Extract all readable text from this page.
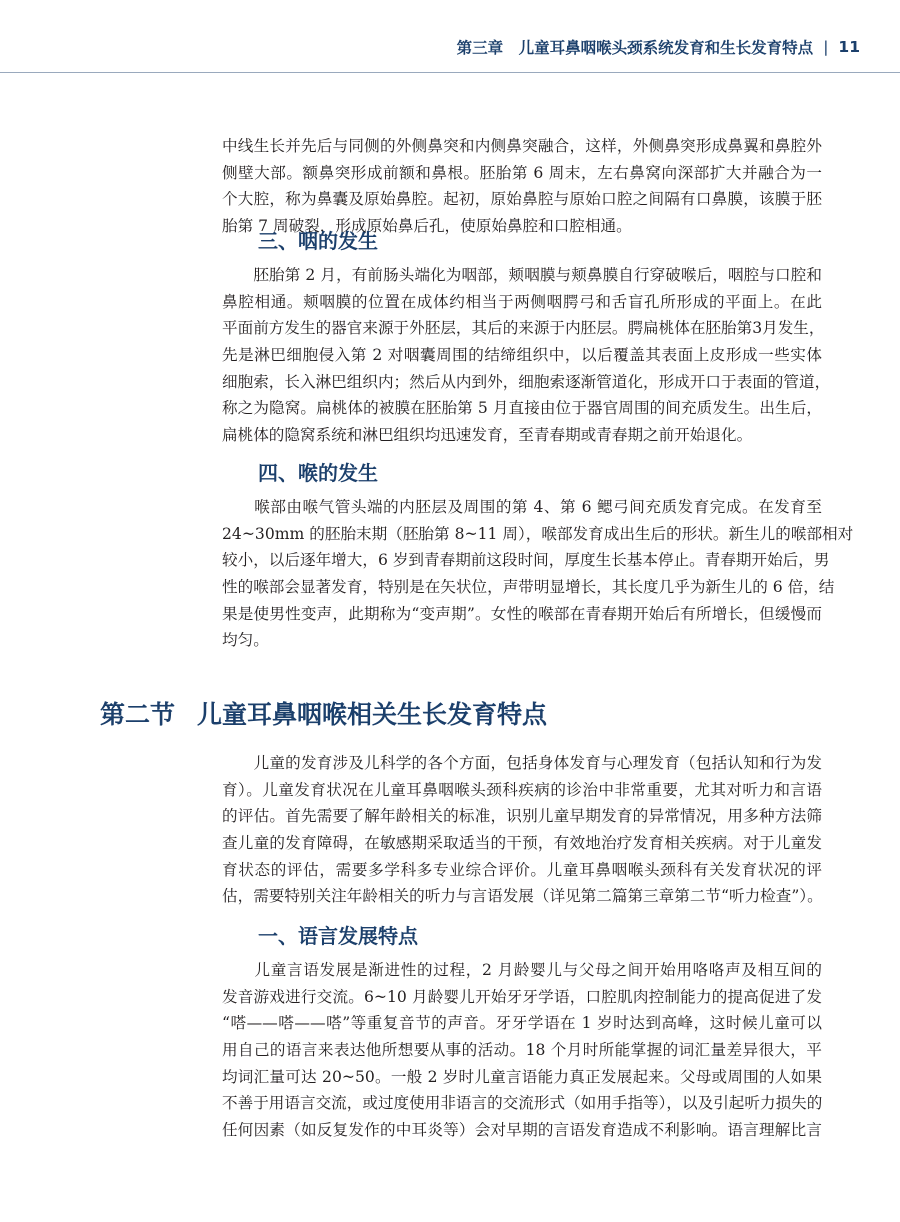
第三章　儿童耳鼻咽喉头颈系统发育和生长发育特点 | 11
中线生长并先后与同侧的外侧鼻突和内侧鼻突融合，这样，外侧鼻突形成鼻翼和鼻腔外
侧壁大部。额鼻突形成前额和鼻根。胚胎第 6 周末，左右鼻窝向深部扩大并融合为一
个大腔，称为鼻囊及原始鼻腔。起初，原始鼻腔与原始口腔之间隔有口鼻膜，该膜于胚
胎第 7 周破裂，形成原始鼻后孔，使原始鼻腔和口腔相通。
三、咽的发生
　　胚胎第 2 月，有前肠头端化为咽部，颊咽膜与颊鼻膜自行穿破喉后，咽腔与口腔和
鼻腔相通。颊咽膜的位置在成体约相当于两侧咽腭弓和舌盲孔所形成的平面上。在此
平面前方发生的器官来源于外胚层，其后的来源于内胚层。腭扁桃体在胚胎第3月发生，
先是淋巴细胞侵入第 2 对咽囊周围的结缔组织中，以后覆盖其表面上皮形成一些实体
细胞索，长入淋巴组织内；然后从内到外，细胞索逐渐管道化，形成开口于表面的管道，
称之为隐窝。扁桃体的被膜在胚胎第 5 月直接由位于器官周围的间充质发生。出生后，
扁桃体的隐窝系统和淋巴组织均迅速发育，至青春期或青春期之前开始退化。
四、喉的发生
　　喉部由喉气管头端的内胚层及周围的第 4、第 6 鳃弓间充质发育完成。在发育至
24~30mm 的胚胎末期（胚胎第 8~11 周），喉部发育成出生后的形状。新生儿的喉部相对
较小，以后逐年增大，6 岁到青春期前这段时间，厚度生长基本停止。青春期开始后，男
性的喉部会显著发育，特别是在矢状位，声带明显增长，其长度几乎为新生儿的 6 倍，结
果是使男性变声，此期称为“变声期”。女性的喉部在青春期开始后有所增长，但缓慢而
均匀。
第二节 儿童耳鼻咽喉相关生长发育特点
　　儿童的发育涉及儿科学的各个方面，包括身体发育与心理发育（包括认知和行为发
育）。儿童发育状况在儿童耳鼻咽喉头颈科疾病的诊治中非常重要，尤其对听力和言语
的评估。首先需要了解年龄相关的标准，识别儿童早期发育的异常情况，用多种方法筛
查儿童的发育障碍，在敏感期采取适当的干预，有效地治疗发育相关疾病。对于儿童发
育状态的评估，需要多学科多专业综合评价。儿童耳鼻咽喉头颈科有关发育状况的评
估，需要特别关注年龄相关的听力与言语发展（详见第二篇第三章第二节“听力检查”）。
一、语言发展特点
　　儿童言语发展是渐进性的过程，2 月龄婴儿与父母之间开始用咯咯声及相互间的
发音游戏进行交流。6~10 月龄婴儿开始牙牙学语，口腔肌肉控制能力的提高促进了发
“嗒——嗒——嗒”等重复音节的声音。牙牙学语在 1 岁时达到高峰，这时候儿童可以
用自己的语言来表达他所想要从事的活动。18 个月时所能掌握的词汇量差异很大，平
均词汇量可达 20~50。一般 2 岁时儿童言语能力真正发展起来。父母或周围的人如果
不善于用语言交流，或过度使用非语言的交流形式（如用手指等），以及引起听力损失的
任何因素（如反复发作的中耳炎等）会对早期的言语发育造成不利影响。语言理解比言
